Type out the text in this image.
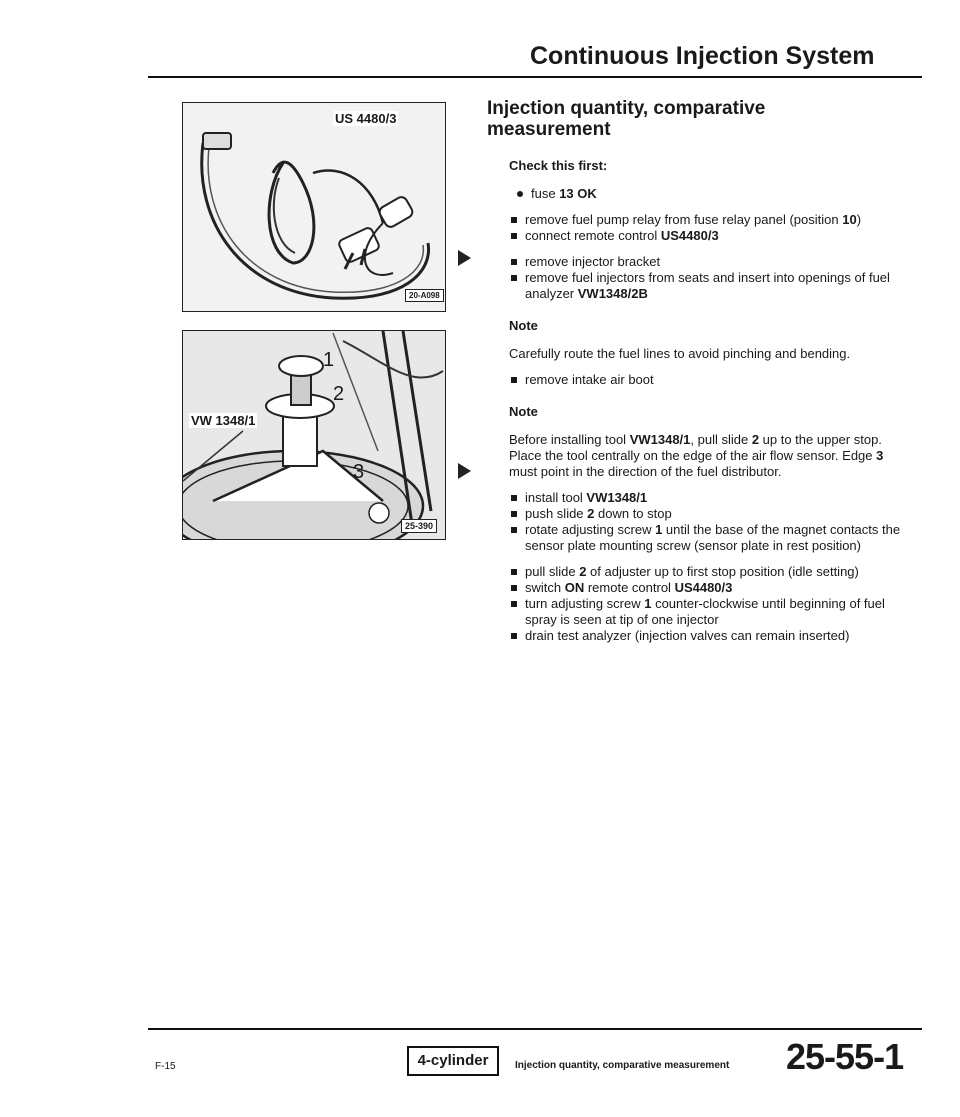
Continuous Injection System
US 4480/3
20-A098
VW 1348/1
1
2
3
25-390
Injection quantity, comparative
measurement
Check this first:
fuse 13 OK
remove fuel pump relay from fuse relay panel (position 10)
connect remote control US4480/3
remove injector bracket
remove fuel injectors from seats and insert into openings of fuel analyzer VW1348/2B
Note
Carefully route the fuel lines to avoid pinching and bending.
remove intake air boot
Note
Before installing tool VW1348/1, pull slide 2 up to the upper stop. Place the tool centrally on the edge of the air flow sensor. Edge 3 must point in the direction of the fuel distributor.
install tool VW1348/1
push slide 2 down to stop
rotate adjusting screw 1 until the base of the magnet contacts the sensor plate mounting screw (sensor plate in rest position)
pull slide 2 of adjuster up to first stop position (idle setting)
switch ON remote control US4480/3
turn adjusting screw 1 counter-clockwise until beginning of fuel spray is seen at tip of one injector
drain test analyzer (injection valves can remain inserted)
F-15	4-cylinder	Injection quantity, comparative measurement 25-55-1
